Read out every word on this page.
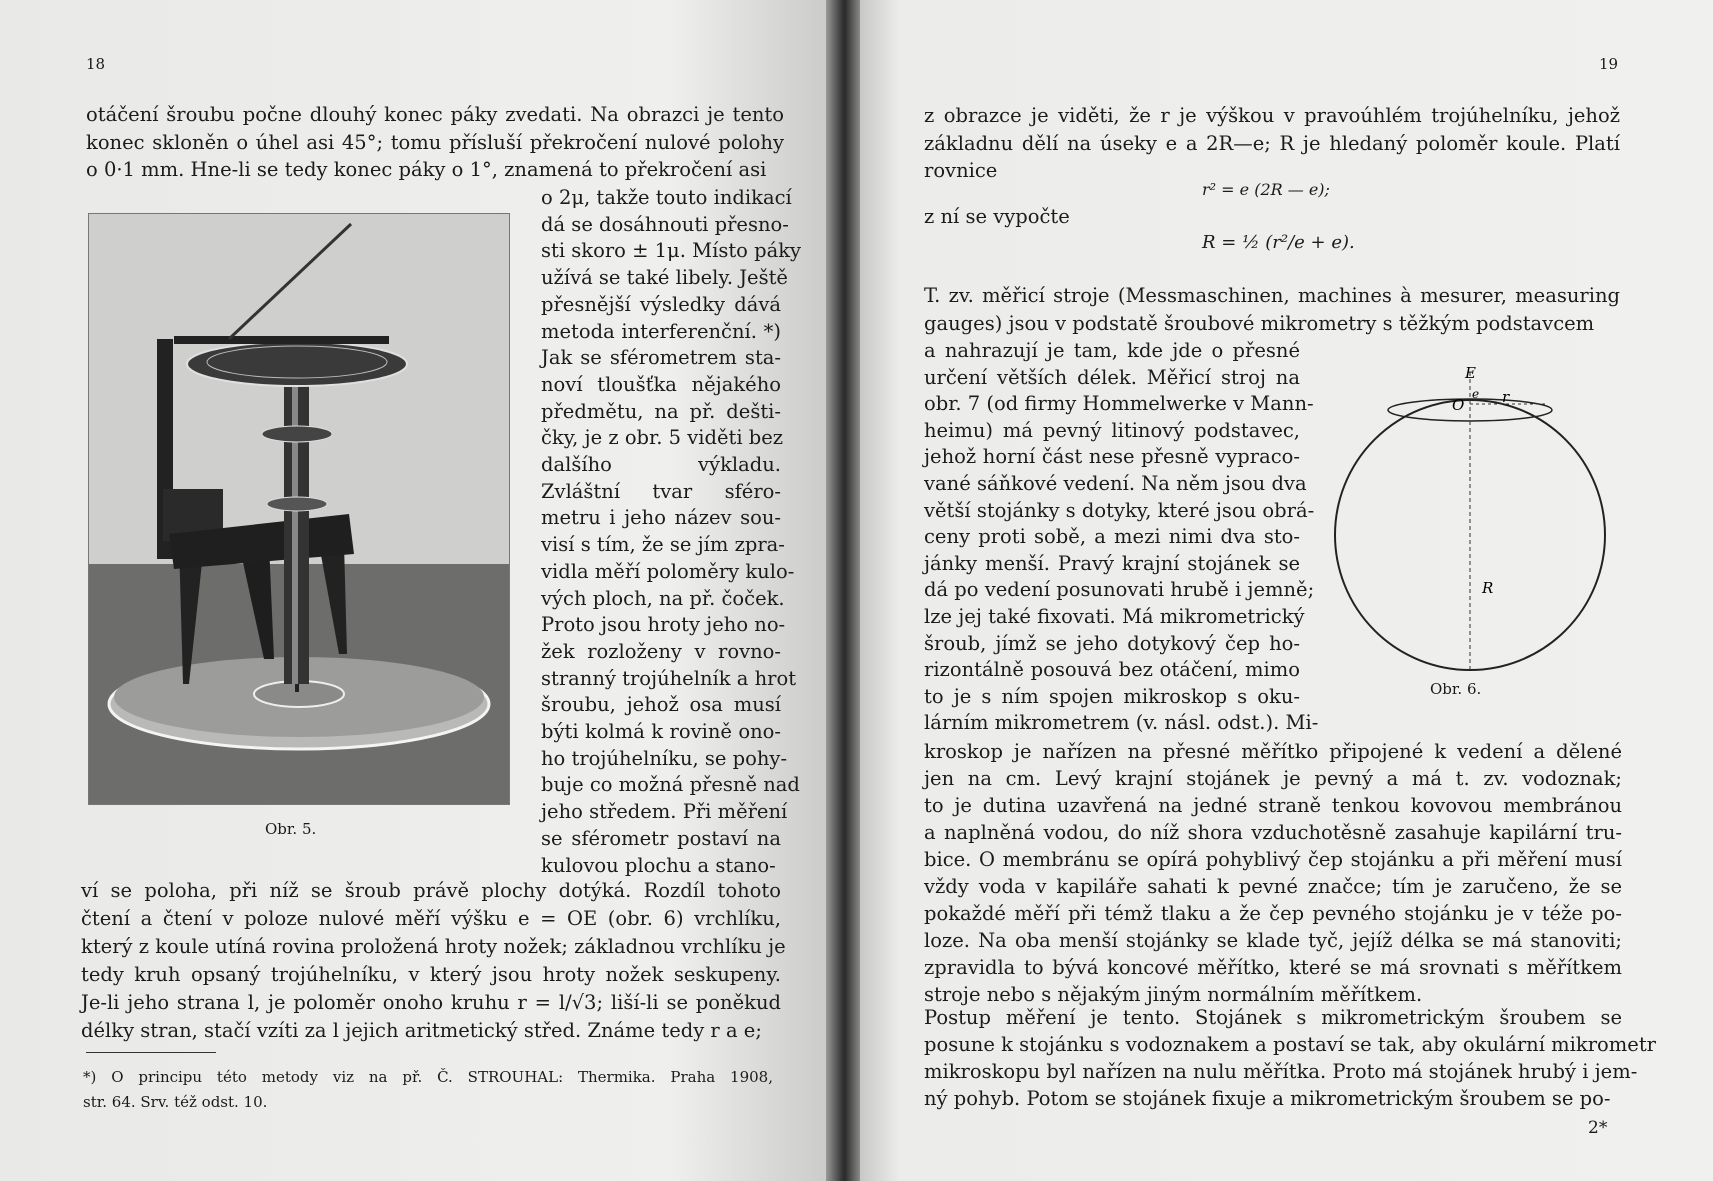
18
otáčení šroubu počne dlouhý konec páky zvedati. Na obrazci je tento
konec skloněn o úhel asi 45°; tomu přísluší překročení nulové polohy
o 0·1 mm. Hne-li se tedy konec páky o 1°, znamená to překročení asi
o 2μ, takže touto indikací
dá se dosáhnouti přesno-
sti skoro ± 1μ. Místo páky
užívá se také libely. Ještě
přesnější výsledky dává
metoda interferenční. *)
Jak se sférometrem sta-
noví tloušťka nějakého
předmětu, na př. dešti-
čky, je z obr. 5 viděti bez
dalšího výkladu.
Zvláštní tvar sféro-
metru i jeho název sou-
visí s tím, že se jím zpra-
vidla měří poloměry kulo-
vých ploch, na př. čoček.
Proto jsou hroty jeho no-
žek rozloženy v rovno-
stranný trojúhelník a hrot
šroubu, jehož osa musí
býti kolmá k rovině ono-
ho trojúhelníku, se pohy-
buje co možná přesně nad
jeho středem. Při měření
se sférometr postaví na
kulovou plochu a stano-
ví se poloha, při níž se šroub právě plochy dotýká. Rozdíl tohoto
čtení a čtení v poloze nulové měří výšku e = OE (obr. 6) vrchlíku,
který z koule utíná rovina proložená hroty nožek; základnou vrchlíku je
tedy kruh opsaný trojúhelníku, v který jsou hroty nožek seskupeny.
Je-li jeho strana l, je poloměr onoho kruhu r = l/√3; liší-li se poněkud
délky stran, stačí vzíti za l jejich aritmetický střed. Známe tedy r a e;
Obr. 5.
*) O principu této metody viz na př. Č. STROUHAL: Thermika. Praha 1908,
str. 64. Srv. též odst. 10.
19
z obrazce je viděti, že r je výškou v pravoúhlém trojúhelníku, jehož
základnu dělí na úseky e a 2R—e; R je hledaný poloměr koule. Platí
rovnice
r² = e (2R — e);
z ní se vypočte
R = ½ (r²/e + e).
T. zv. měřicí stroje (Messmaschinen, machines à mesurer, measuring
gauges) jsou v podstatě šroubové mikrometry s těžkým podstavcem
a nahrazují je tam, kde jde o přesné
určení větších délek. Měřicí stroj na
obr. 7 (od firmy Hommelwerke v Mann-
heimu) má pevný litinový podstavec,
jehož horní část nese přesně vypraco-
vané sáňkové vedení. Na něm jsou dva
větší stojánky s dotyky, které jsou obrá-
ceny proti sobě, a mezi nimi dva sto-
jánky menší. Pravý krajní stojánek se
dá po vedení posunovati hrubě i jemně;
lze jej také fixovati. Má mikrometrický
šroub, jímž se jeho dotykový čep ho-
rizontálně posouvá bez otáčení, mimo
to je s ním spojen mikroskop s oku-
lárním mikrometrem (v. násl. odst.). Mi-
kroskop je nařízen na přesné měřítko připojené k vedení a dělené
jen na cm. Levý krajní stojánek je pevný a má t. zv. vodoznak;
to je dutina uzavřená na jedné straně tenkou kovovou membránou
a naplněná vodou, do níž shora vzduchotěsně zasahuje kapilární tru-
bice. O membránu se opírá pohyblivý čep stojánku a při měření musí
vždy voda v kapiláře sahati k pevné značce; tím je zaručeno, že se
pokaždé měří při témž tlaku a že čep pevného stojánku je v téže po-
loze. Na oba menší stojánky se klade tyč, jejíž délka se má stanoviti;
zpravidla to bývá koncové měřítko, které se má srovnati s měřítkem
stroje nebo s nějakým jiným normálním měřítkem.
Postup měření je tento. Stojánek s mikrometrickým šroubem se
posune k stojánku s vodoznakem a postaví se tak, aby okulární mikrometr
mikroskopu byl nařízen na nulu měřítka. Proto má stojánek hrubý i jem-
ný pohyb. Potom se stojánek fixuje a mikrometrickým šroubem se po-
2*
E
O
e r
R
Obr. 6.
